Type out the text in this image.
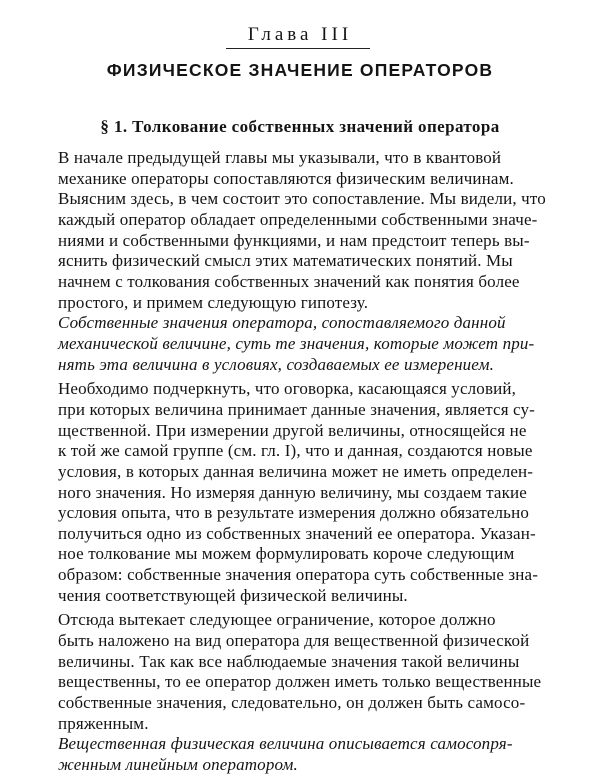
Глава III
ФИЗИЧЕСКОЕ ЗНАЧЕНИЕ ОПЕРАТОРОВ
§ 1. Толкование собственных значений оператора

В начале предыдущей главы мы указывали, что в квантовой
механике операторы сопоставляются физическим величинам.
Выясним здесь, в чем состоит это сопоставление. Мы видели, что
каждый оператор обладает определенными собственными значе-
ниями и собственными функциями, и нам предстоит теперь вы-
яснить физический смысл этих математических понятий. Мы
начнем с толкования собственных значений как понятия более
простого, и примем следующую гипотезу.

Собственные значения оператора, сопоставляемого данной
механической величине, суть те значения, которые может при-
нять эта величина в условиях, создаваемых ее измерением.

Необходимо подчеркнуть, что оговорка, касающаяся условий,
при которых величина принимает данные значения, является су-
щественной. При измерении другой величины, относящейся не
к той же самой группе (см. гл. I), что и данная, создаются новые
условия, в которых данная величина может не иметь определен-
ного значения. Но измеряя данную величину, мы создаем такие
условия опыта, что в результате измерения должно обязательно
получиться одно из собственных значений ее оператора. Указан-
ное толкование мы можем формулировать короче следующим
образом: собственные значения оператора суть собственные зна-
чения соответствующей физической величины.

Отсюда вытекает следующее ограничение, которое должно
быть наложено на вид оператора для вещественной физической
величины. Так как все наблюдаемые значения такой величины
вещественны, то ее оператор должен иметь только вещественные
собственные значения, следовательно, он должен быть самосо-
пряженным.

Вещественная физическая величина описывается самосопря-
женным линейным оператором.
